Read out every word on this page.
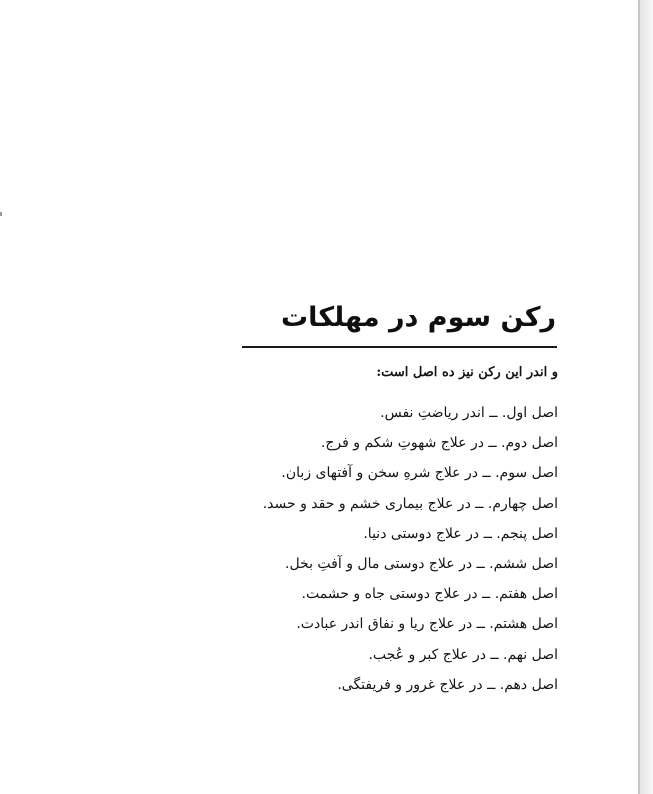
رکن سوم در مهلکات
و اندر این رکن نیز ده اصل است:
اصل اول. ــ اندر ریاضتِ نفس.
اصل دوم. ــ در علاج شهوتِ شکم و فرج.
اصل سوم. ــ در علاج شرهِ سخن و آفتهای زبان.
اصل چهارم. ــ در علاج بیماری خشم و حقد و حسد.
اصل پنجم. ــ در علاج دوستی دنیا.
اصل ششم. ــ در علاج دوستی مال و آفتِ بخل.
اصل هفتم. ــ در علاج دوستی جاه و حشمت.
اصل هشتم. ــ در علاج ریا و نفاق اندر عبادت.
اصل نهم. ــ در علاج کبر و عُجب.
اصل دهم. ــ در علاج غرور و فریفتگی.
